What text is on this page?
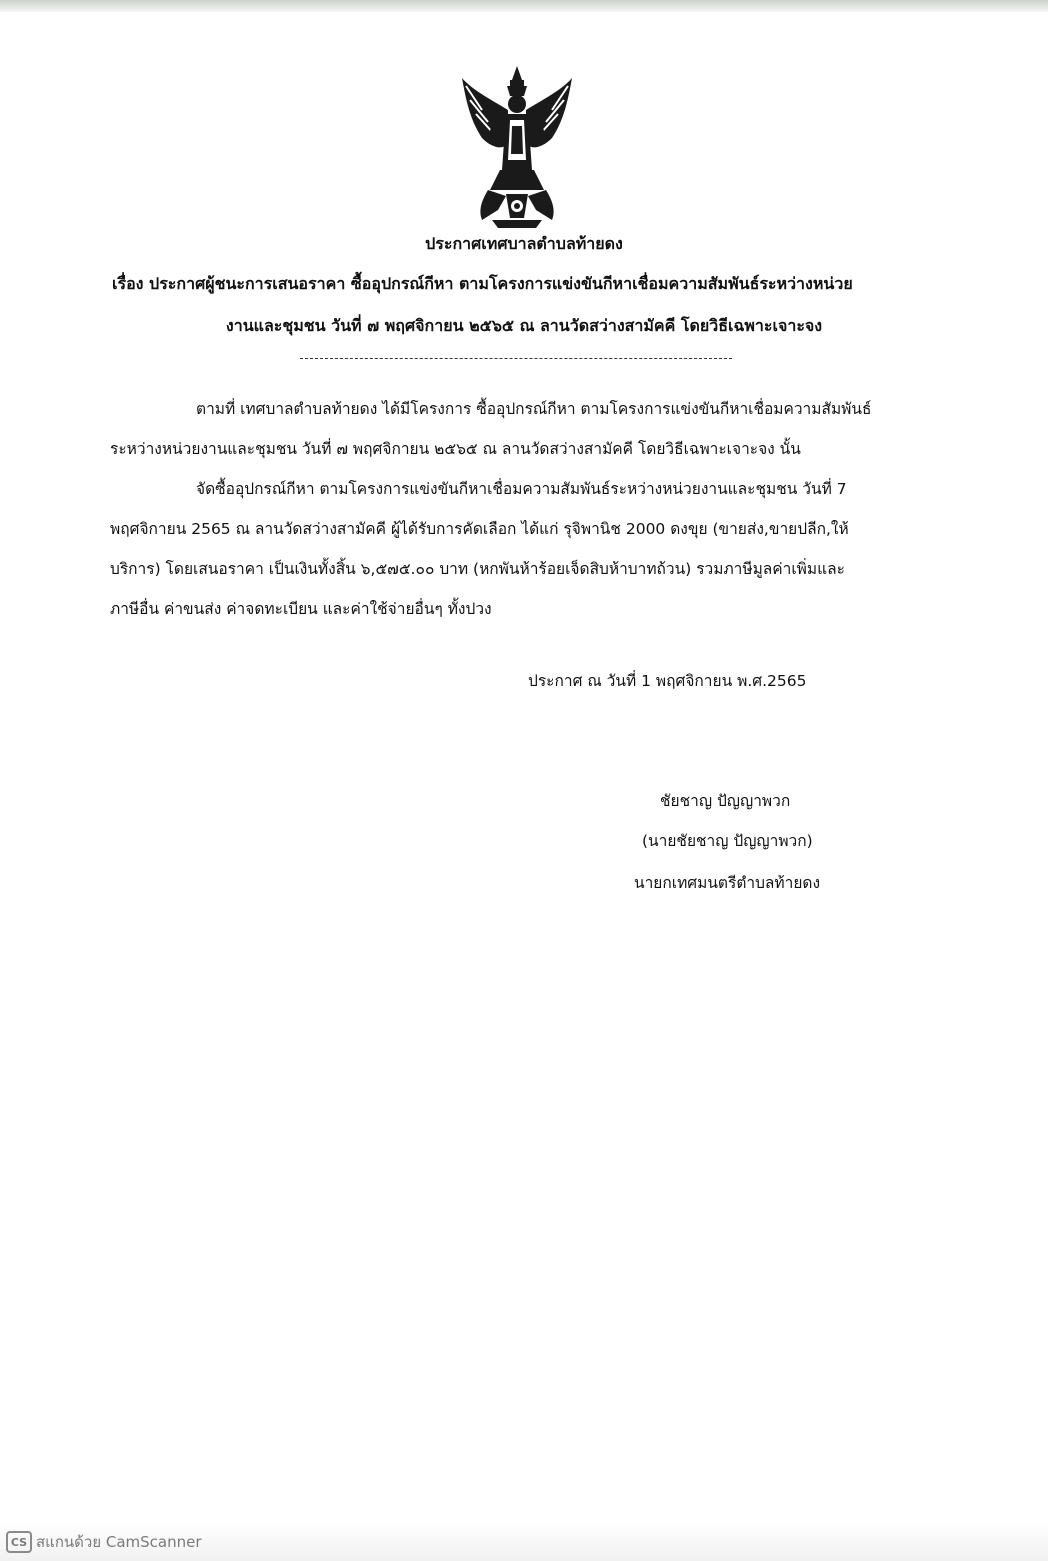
ประกาศเทศบาลตำบลท้ายดง
เรื่อง ประกาศผู้ชนะการเสนอราคา ซื้ออุปกรณ์กีหา ตามโครงการแข่งขันกีหาเชื่อมความสัมพันธ์ระหว่างหน่วย
งานและชุมชน วันที่ ๗ พฤศจิกายน ๒๕๖๕ ณ ลานวัดสว่างสามัคคี โดยวิธีเฉพาะเจาะจง
ตามที่ เทศบาลตำบลท้ายดง ได้มีโครงการ ซื้ออุปกรณ์กีหา ตามโครงการแข่งขันกีหาเชื่อมความสัมพันธ์
ระหว่างหน่วยงานและชุมชน วันที่ ๗ พฤศจิกายน ๒๕๖๕ ณ ลานวัดสว่างสามัคคี โดยวิธีเฉพาะเจาะจง นั้น
จัดซื้ออุปกรณ์กีหา ตามโครงการแข่งขันกีหาเชื่อมความสัมพันธ์ระหว่างหน่วยงานและชุมชน วันที่ 7
พฤศจิกายน 2565 ณ ลานวัดสว่างสามัคคี ผู้ได้รับการคัดเลือก ได้แก่ รุจิพานิช 2000 ดงขุย (ขายส่ง,ขายปลีก,ให้
บริการ) โดยเสนอราคา เป็นเงินทั้งสิ้น ๖,๕๗๕.๐๐ บาท (หกพันห้าร้อยเจ็ดสิบห้าบาทถ้วน) รวมภาษีมูลค่าเพิ่มและ
ภาษีอื่น ค่าขนส่ง ค่าจดทะเบียน และค่าใช้จ่ายอื่นๆ ทั้งปวง
ประกาศ ณ วันที่ 1 พฤศจิกายน พ.ศ.2565
ชัยชาญ ปัญญาพวก
(นายชัยชาญ ปัญญาพวก)
นายกเทศมนตรีตำบลท้ายดง
CS สแกนด้วย CamScanner
